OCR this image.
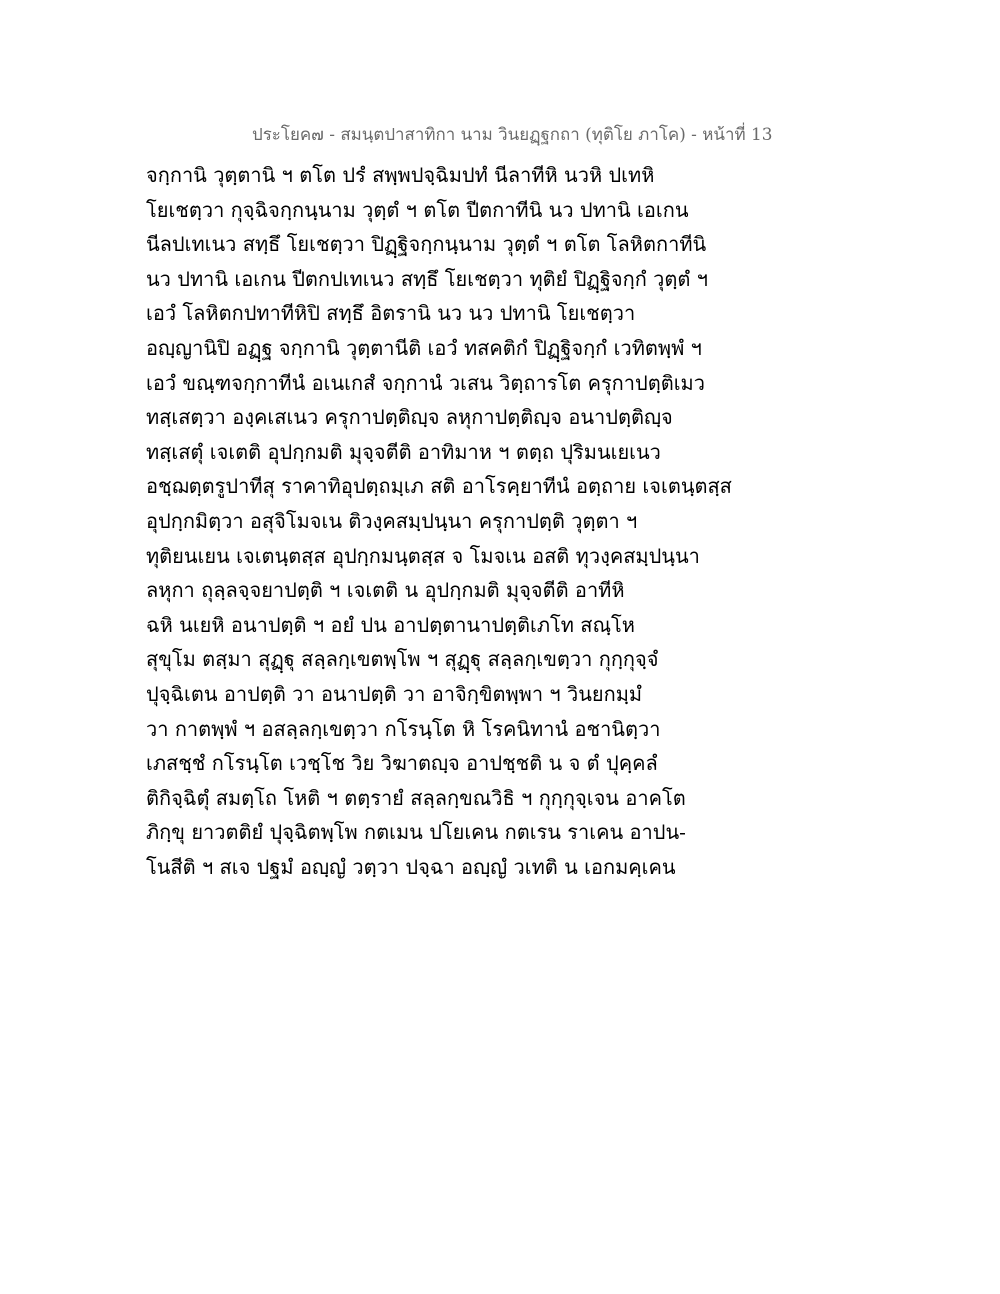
ประโยค๗ - สมนฺตปาสาทิกา นาม วินยฏฺฐกถา (ทุติโย ภาโค) - หน้าที่ 13
จกฺกานิ วุตฺตานิ ฯ ตโต ปรํ สพฺพปจฺฉิมปทํ นีลาทีหิ นวหิ ปเทหิ
โยเชตฺวา กุจฺฉิจกฺกนฺนาม วุตฺตํ ฯ ตโต ปีตกาทีนิ นว ปทานิ เอเกน
นีลปเทเนว สทฺธึ โยเชตฺวา ปิฏฺฐิจกฺกนฺนาม วุตฺตํ ฯ ตโต โลหิตกาทีนิ
นว ปทานิ เอเกน ปีตกปเทเนว สทฺธึ โยเชตฺวา ทุติยํ ปิฏฺฐิจกฺกํ วุตฺตํ ฯ
เอวํ โลหิตกปทาทีหิปิ สทฺธึ อิตรานิ นว นว ปทานิ โยเชตฺวา
อญฺญานิปิ อฏฺฐ จกฺกานิ วุตฺตานีติ เอวํ ทสคติกํ ปิฏฺฐิจกฺกํ เวทิตพฺพํ ฯ
เอวํ ขณฺฑจกฺกาทีนํ อเนเกสํ จกฺกานํ วเสน วิตฺถารโต ครุกาปตฺติเมว
ทสฺเสตฺวา องฺคเสเนว ครุกาปตฺติญฺจ ลหุกาปตฺติญฺจ อนาปตฺติญฺจ
ทสฺเสตุํ เจเตติ อุปกฺกมติ มุจฺจตีติ อาทิมาห ฯ ตตฺถ ปุริมนเยเนว
อชฺฌตฺตรูปาทีสุ ราคาทิอุปตฺถมฺเภ สติ อาโรคฺยาทีนํ อตฺถาย เจเตนฺตสฺส
อุปกฺกมิตฺวา อสุจิโมจเน ติวงฺคสมฺปนฺนา ครุกาปตฺติ วุตฺตา ฯ
ทุติยนเยน เจเตนฺตสฺส อุปกฺกมนฺตสฺส จ โมจเน อสติ ทุวงฺคสมฺปนฺนา
ลหุกา ถุลฺลจฺจยาปตฺติ ฯ เจเตติ น อุปกฺกมติ มุจฺจตีติ อาทีหิ
ฉหิ นเยหิ อนาปตฺติ ฯ อยํ ปน อาปตฺตานาปตฺติเภโท สณฺโห
สุขุโม ตสฺมา สุฏฺฐุ สลฺลกฺเขตพฺโพ ฯ สุฏฺฐุ สลฺลกฺเขตฺวา กุกฺกุจฺจํ
ปุจฺฉิเตน อาปตฺติ วา อนาปตฺติ วา อาจิกฺขิตพฺพา ฯ วินยกมฺมํ
วา กาตพฺพํ ฯ อสลฺลกฺเขตฺวา กโรนฺโต หิ โรคนิทานํ อชานิตฺวา
เภสชฺชํ กโรนฺโต เวชฺโช วิย วิฆาตญฺจ อาปชฺชติ น จ ตํ ปุคฺคลํ
ติกิจฺฉิตุํ สมตฺโถ โหติ ฯ ตตฺรายํ สลฺลกฺขณวิธิ ฯ กุกฺกุจฺเจน อาคโต
ภิกฺขุ ยาวตติยํ ปุจฺฉิตพฺโพ กตเมน ปโยเคน กตเรน ราเคน อาปน-
โนสีติ ฯ สเจ ปฐมํ อญฺญํ วตฺวา ปจฺฉา อญฺญํ วเทติ น เอกมคฺเคน
